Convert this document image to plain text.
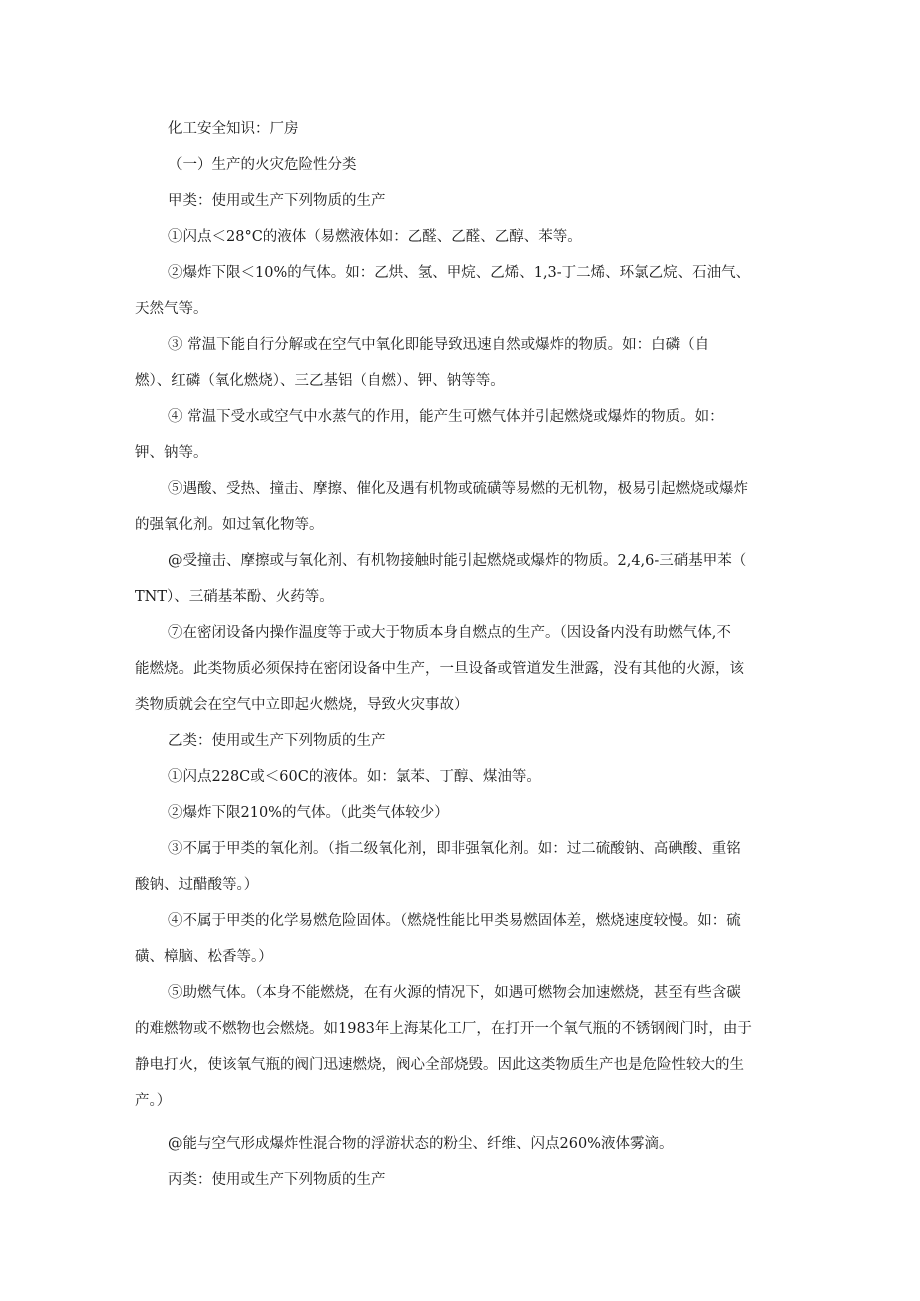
化工安全知识：厂房
（一）生产的火灾危险性分类
甲类：使用或生产下列物质的生产
①闪点＜28°C的液体（易燃液体如：乙醛、乙醛、乙醇、苯等。
②爆炸下限＜10%的气体。如：乙烘、氢、甲烷、乙烯、1,3-丁二烯、环氯乙烷、石油气、
天然气等。
③ 常温下能自行分解或在空气中氧化即能导致迅速自然或爆炸的物质。如：白磷（自
燃）、红磷（氧化燃烧）、三乙基铝（自燃）、钾、钠等等。
④ 常温下受水或空气中水蒸气的作用，能产生可燃气体并引起燃烧或爆炸的物质。如：
钾、钠等。
⑤遇酸、受热、撞击、摩擦、催化及遇有机物或硫磺等易燃的无机物，极易引起燃烧或爆炸
的强氧化剂。如过氧化物等。
@受撞击、摩擦或与氧化剂、有机物接触时能引起燃烧或爆炸的物质。2,4,6-三硝基甲苯（
TNT）、三硝基苯酚、火药等。
⑦在密闭设备内操作温度等于或大于物质本身自燃点的生产。（因设备内没有助燃气体,不
能燃烧。此类物质必须保持在密闭设备中生产，一旦设备或管道发生泄露，没有其他的火源，该
类物质就会在空气中立即起火燃烧，导致火灾事故）
乙类：使用或生产下列物质的生产
①闪点228C或＜60C的液体。如：氯苯、丁醇、煤油等。
②爆炸下限210%的气体。（此类气体较少）
③不属于甲类的氧化剂。（指二级氧化剂，即非强氧化剂。如：过二硫酸钠、高碘酸、重铭
酸钠、过醋酸等。）
④不属于甲类的化学易燃危险固体。（燃烧性能比甲类易燃固体差，燃烧速度较慢。如：硫
磺、樟脑、松香等。）
⑤助燃气体。（本身不能燃烧，在有火源的情况下，如遇可燃物会加速燃烧，甚至有些含碳
的难燃物或不燃物也会燃烧。如1983年上海某化工厂，在打开一个氧气瓶的不锈钢阀门时，由于
静电打火，使该氧气瓶的阀门迅速燃烧，阀心全部烧毁。因此这类物质生产也是危险性较大的生
产。）
@能与空气形成爆炸性混合物的浮游状态的粉尘、纤维、闪点260%液体雾滴。
丙类：使用或生产下列物质的生产
